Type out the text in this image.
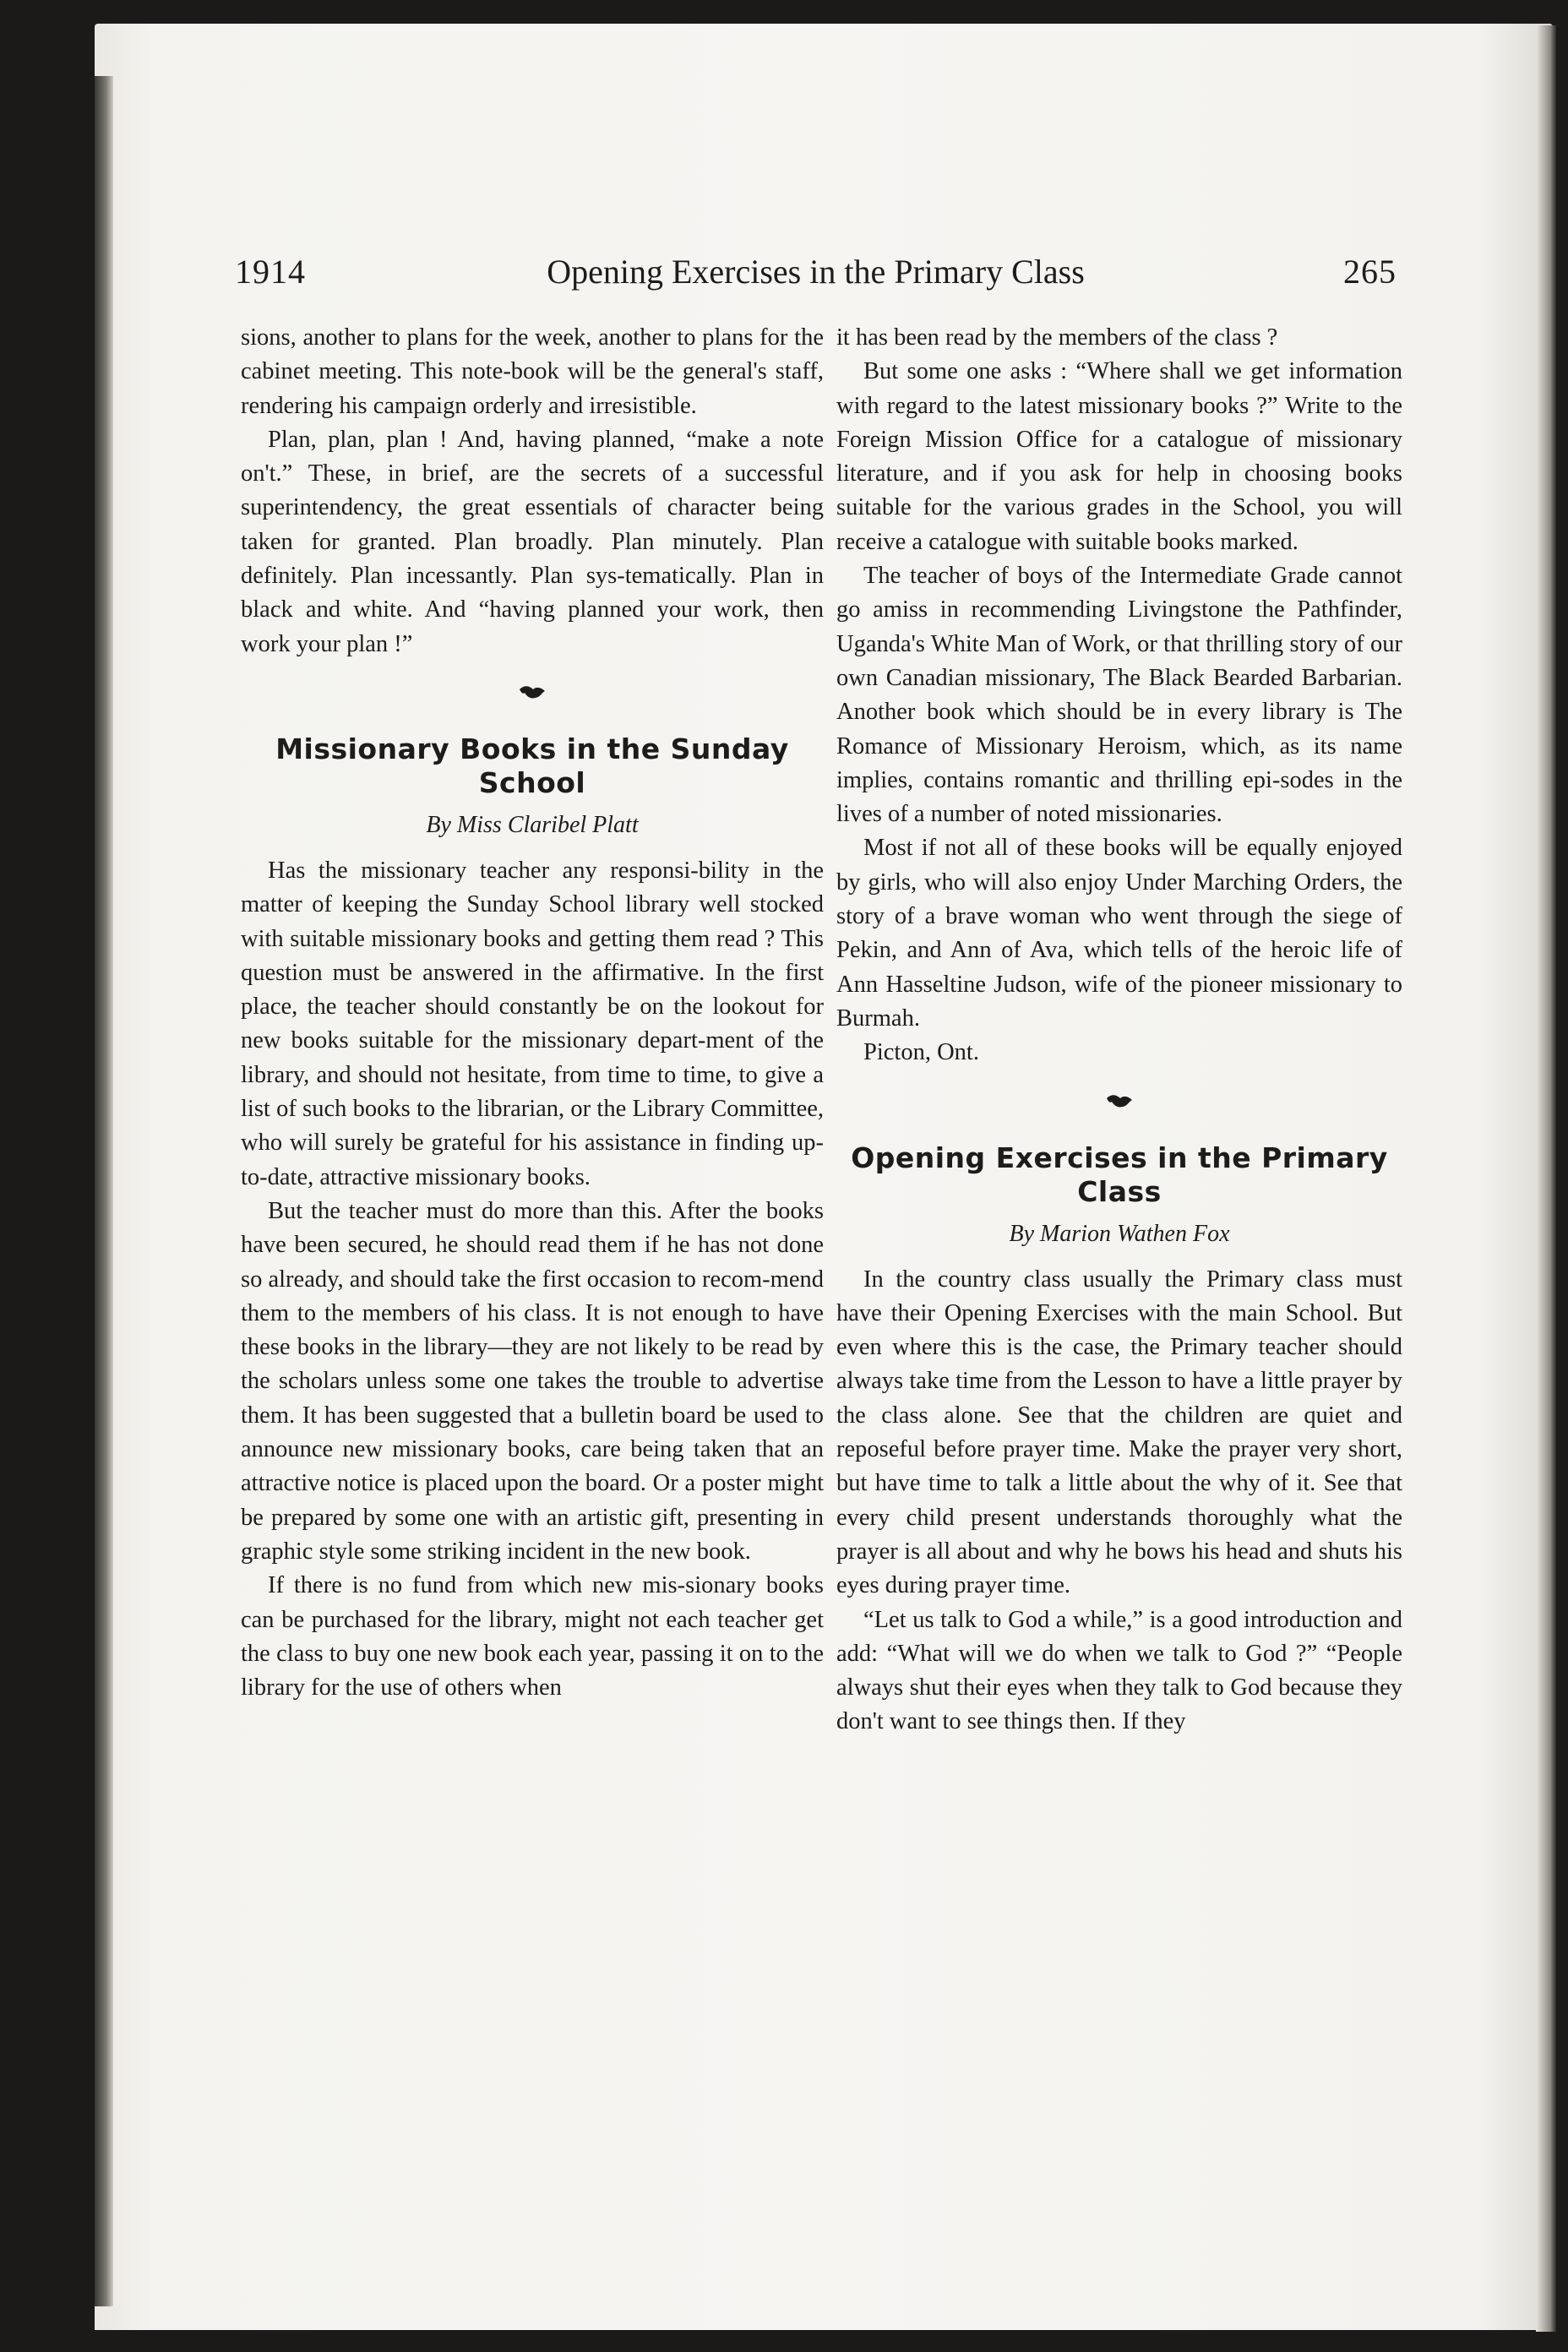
1914	Opening Exercises in the Primary Class	265

sions, another to plans for the week, another to plans for the cabinet meeting. This note-book will be the general's staff, rendering his campaign orderly and irresistible.

Plan, plan, plan ! And, having planned, “make a note on't.” These, in brief, are the secrets of a successful superintendency, the great essentials of character being taken for granted. Plan broadly. Plan minutely. Plan definitely. Plan incessantly. Plan sys-tematically. Plan in black and white. And “having planned your work, then work your plan !”

Missionary Books in the Sunday School
By Miss Claribel Platt

Has the missionary teacher any responsi-bility in the matter of keeping the Sunday School library well stocked with suitable missionary books and getting them read ? This question must be answered in the affirmative. In the first place, the teacher should constantly be on the lookout for new books suitable for the missionary depart-ment of the library, and should not hesitate, from time to time, to give a list of such books to the librarian, or the Library Committee, who will surely be grateful for his assistance in finding up-to-date, attractive missionary books.

But the teacher must do more than this. After the books have been secured, he should read them if he has not done so already, and should take the first occasion to recom-mend them to the members of his class. It is not enough to have these books in the library—they are not likely to be read by the scholars unless some one takes the trouble to advertise them. It has been suggested that a bulletin board be used to announce new missionary books, care being taken that an attractive notice is placed upon the board. Or a poster might be prepared by some one with an artistic gift, presenting in graphic style some striking incident in the new book.

If there is no fund from which new mis-sionary books can be purchased for the library, might not each teacher get the class to buy one new book each year, passing it on to the library for the use of others when

it has been read by the members of the class ?

But some one asks : “Where shall we get information with regard to the latest missionary books ?” Write to the Foreign Mission Office for a catalogue of missionary literature, and if you ask for help in choosing books suitable for the various grades in the School, you will receive a catalogue with suitable books marked.

The teacher of boys of the Intermediate Grade cannot go amiss in recommending Livingstone the Pathfinder, Uganda's White Man of Work, or that thrilling story of our own Canadian missionary, The Black Bearded Barbarian. Another book which should be in every library is The Romance of Missionary Heroism, which, as its name implies, contains romantic and thrilling epi-sodes in the lives of a number of noted missionaries.

Most if not all of these books will be equally enjoyed by girls, who will also enjoy Under Marching Orders, the story of a brave woman who went through the siege of Pekin, and Ann of Ava, which tells of the heroic life of Ann Hasseltine Judson, wife of the pioneer missionary to Burmah.

Picton, Ont.

Opening Exercises in the Primary Class
By Marion Wathen Fox

In the country class usually the Primary class must have their Opening Exercises with the main School. But even where this is the case, the Primary teacher should always take time from the Lesson to have a little prayer by the class alone. See that the children are quiet and reposeful before prayer time. Make the prayer very short, but have time to talk a little about the why of it. See that every child present understands thoroughly what the prayer is all about and why he bows his head and shuts his eyes during prayer time.

“Let us talk to God a while,” is a good introduction and add: “What will we do when we talk to God ?” “People always shut their eyes when they talk to God because they don't want to see things then. If they
